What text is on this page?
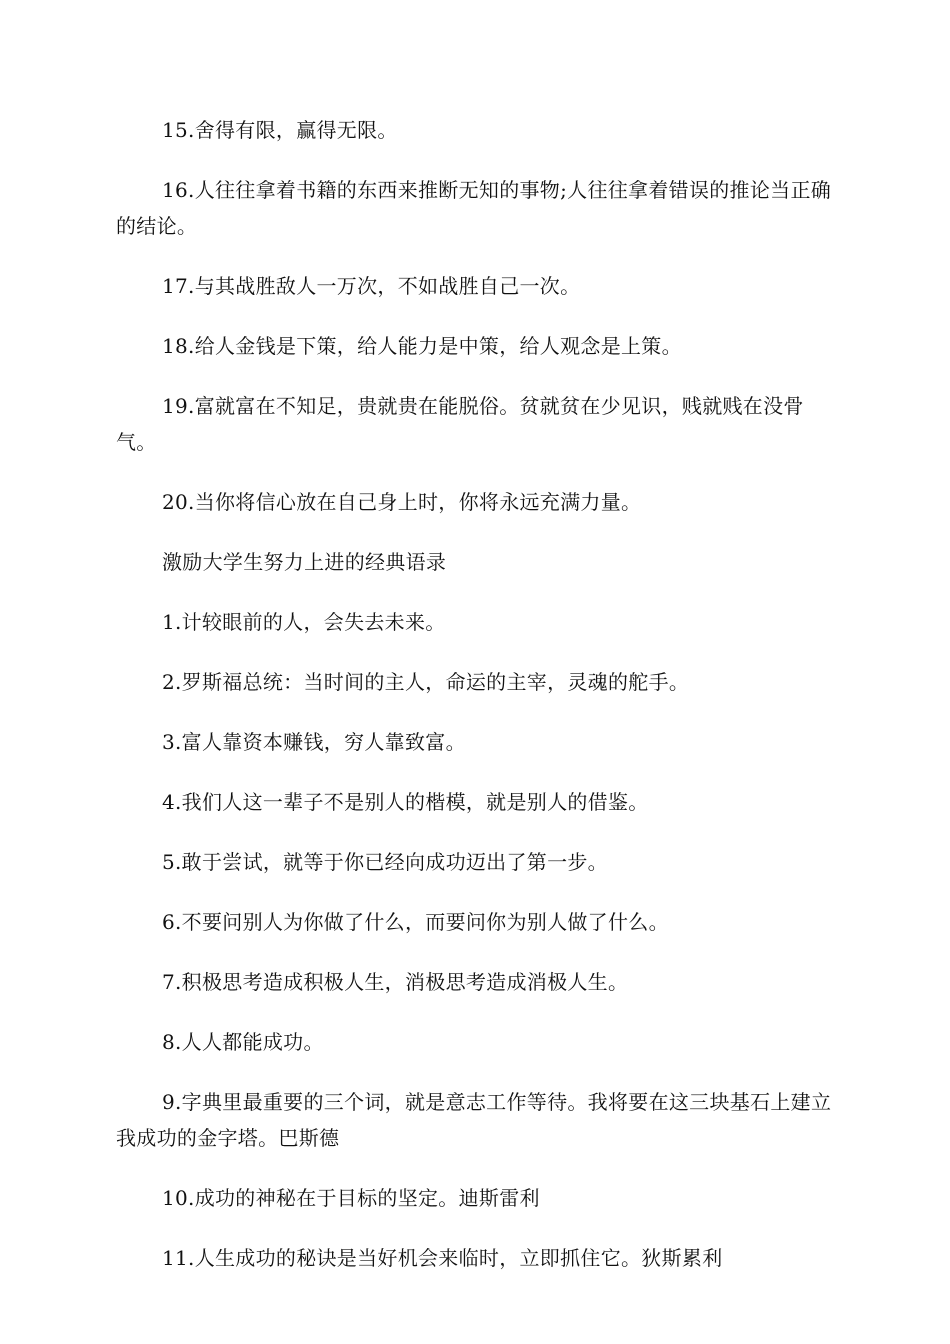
15.舍得有限，赢得无限。

16.人往往拿着书籍的东西来推断无知的事物;人往往拿着错误的推论当正确的结论。

17.与其战胜敌人一万次，不如战胜自己一次。

18.给人金钱是下策，给人能力是中策，给人观念是上策。

19.富就富在不知足，贵就贵在能脱俗。贫就贫在少见识，贱就贱在没骨气。

20.当你将信心放在自己身上时，你将永远充满力量。

激励大学生努力上进的经典语录

1.计较眼前的人，会失去未来。

2.罗斯福总统：当时间的主人，命运的主宰，灵魂的舵手。

3.富人靠资本赚钱，穷人靠致富。

4.我们人这一辈子不是别人的楷模，就是别人的借鉴。

5.敢于尝试，就等于你已经向成功迈出了第一步。

6.不要问别人为你做了什么，而要问你为别人做了什么。

7.积极思考造成积极人生，消极思考造成消极人生。

8.人人都能成功。

9.字典里最重要的三个词，就是意志工作等待。我将要在这三块基石上建立我成功的金字塔。巴斯德

10.成功的神秘在于目标的坚定。迪斯雷利

11.人生成功的秘诀是当好机会来临时，立即抓住它。狄斯累利
